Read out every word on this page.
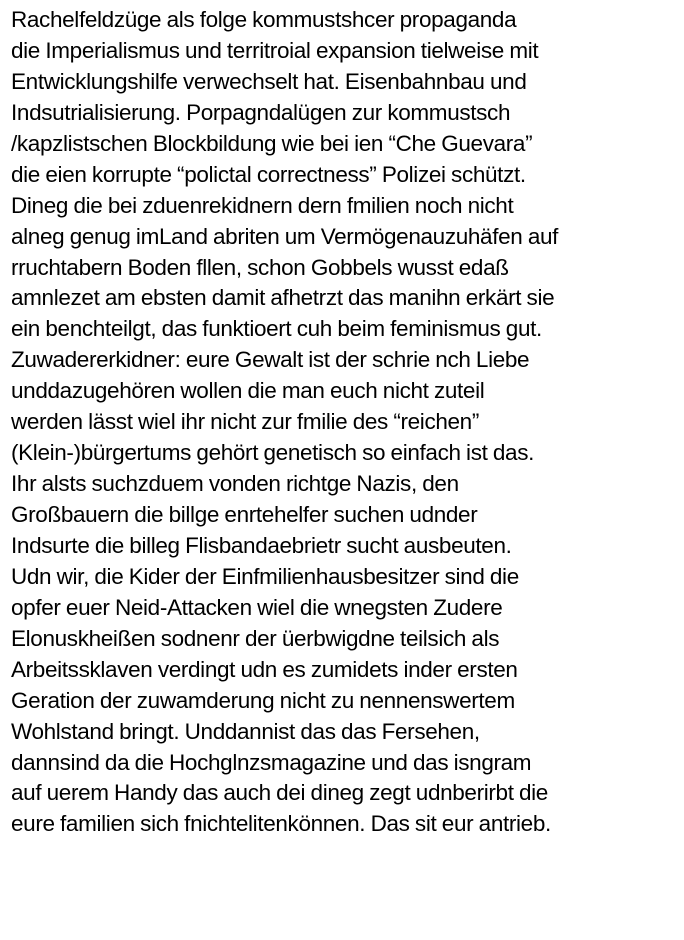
Rachelfeldzüge als folge kommustshcer propaganda
die Imperialismus und territroial expansion tielweise mit
Entwicklungshilfe verwechselt hat. Eisenbahnbau und
Indsutrialisierung. Porpagndalügen zur kommustsch
/kapzlistschen Blockbildung wie bei ien “Che Guevara”
die eien korrupte “polictal correctness” Polizei schützt.
Dineg die bei zduenrekidnern dern fmilien noch nicht
alneg genug imLand abriten um Vermögenauzuhäfen auf
rruchtabern Boden fllen, schon Gobbels wusst edaß
amnlezet am ebsten damit afhetrzt das manihn erkärt sie
ein benchteilgt, das funktioert cuh beim feminismus gut.
Zuwadererkidner: eure Gewalt ist der schrie nch Liebe
unddazugehören wollen die man euch nicht zuteil
werden lässt wiel ihr nicht zur fmilie des “reichen”
(Klein-)bürgertums gehört genetisch so einfach ist das.
Ihr alsts suchzduem vonden richtge Nazis, den
Großbauern die billge enrtehelfer suchen udnder
Indsurte die billeg Flisbandaebrietr sucht ausbeuten.
Udn wir, die Kider der Einfmilienhausbesitzer sind die
opfer euer Neid-Attacken wiel die wnegsten Zudere
Elonuskheißen sodnenr der üerbwigdne teilsich als
Arbeitssklaven verdingt udn es zumidets inder ersten
Geration der zuwamderung nicht zu nennenswertem
Wohlstand bringt. Unddannist das das Fersehen,
dannsind da die Hochglnzsmagazine und das isngram
auf uerem Handy das auch dei dineg zegt udnberirbt die
eure familien sich fnichtelitenkönnen. Das sit eur antrieb.
